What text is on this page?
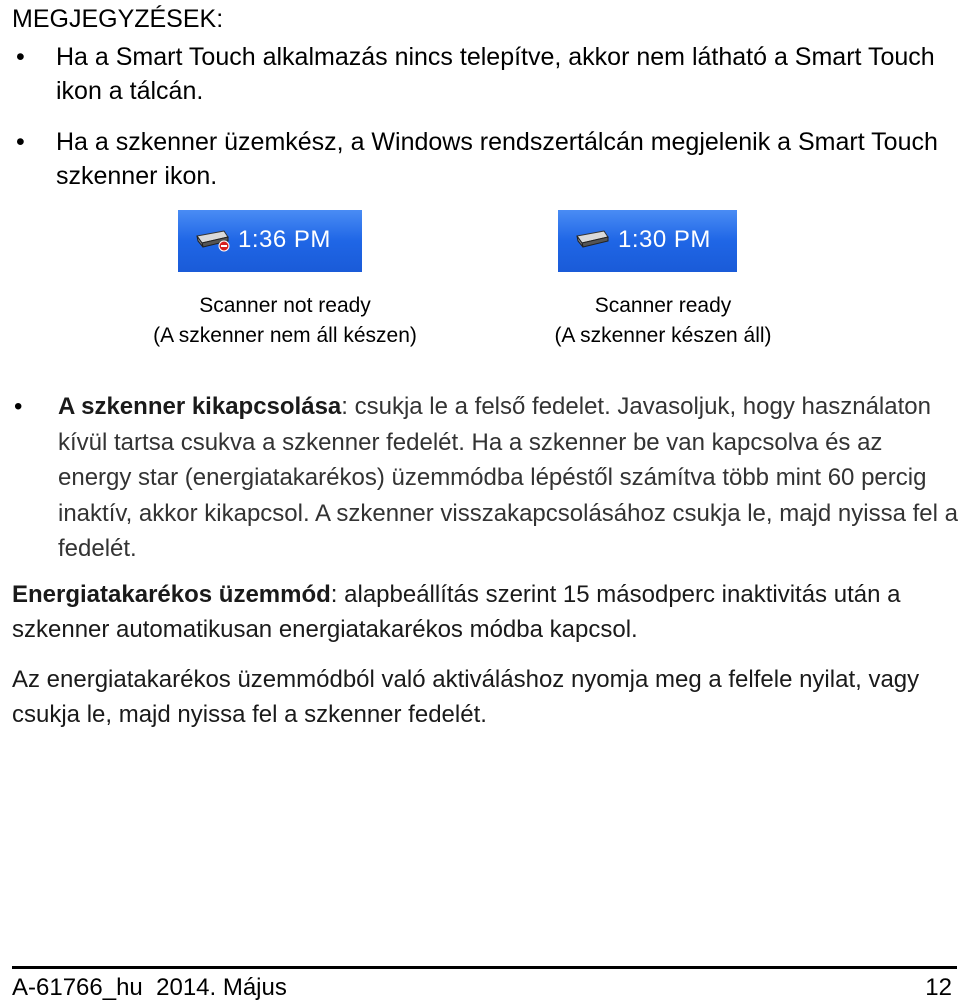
MEGJEGYZÉSEK:
• Ha a Smart Touch alkalmazás nincs telepítve, akkor nem látható a Smart Touch ikon a tálcán.
• Ha a szkenner üzemkész, a Windows rendszertálcán megjelenik a Smart Touch szkenner ikon.
1:36 PM	1:30 PM
Scanner not ready
(A szkenner nem áll készen)
Scanner ready
(A szkenner készen áll)
• A szkenner kikapcsolása: csukja le a felső fedelet. Javasoljuk, hogy használaton kívül tartsa csukva a szkenner fedelét. Ha a szkenner be van kapcsolva és az energy star (energiatakarékos) üzemmódba lépéstől számítva több mint 60 percig inaktív, akkor kikapcsol. A szkenner visszakapcsolásához csukja le, majd nyissa fel a fedelét.
Energiatakarékos üzemmód: alapbeállítás szerint 15 másodperc inaktivitás után a szkenner automatikusan energiatakarékos módba kapcsol.
Az energiatakarékos üzemmódból való aktiváláshoz nyomja meg a felfele nyilat, vagy csukja le, majd nyissa fel a szkenner fedelét.
A-61766_hu  2014. Május	12
